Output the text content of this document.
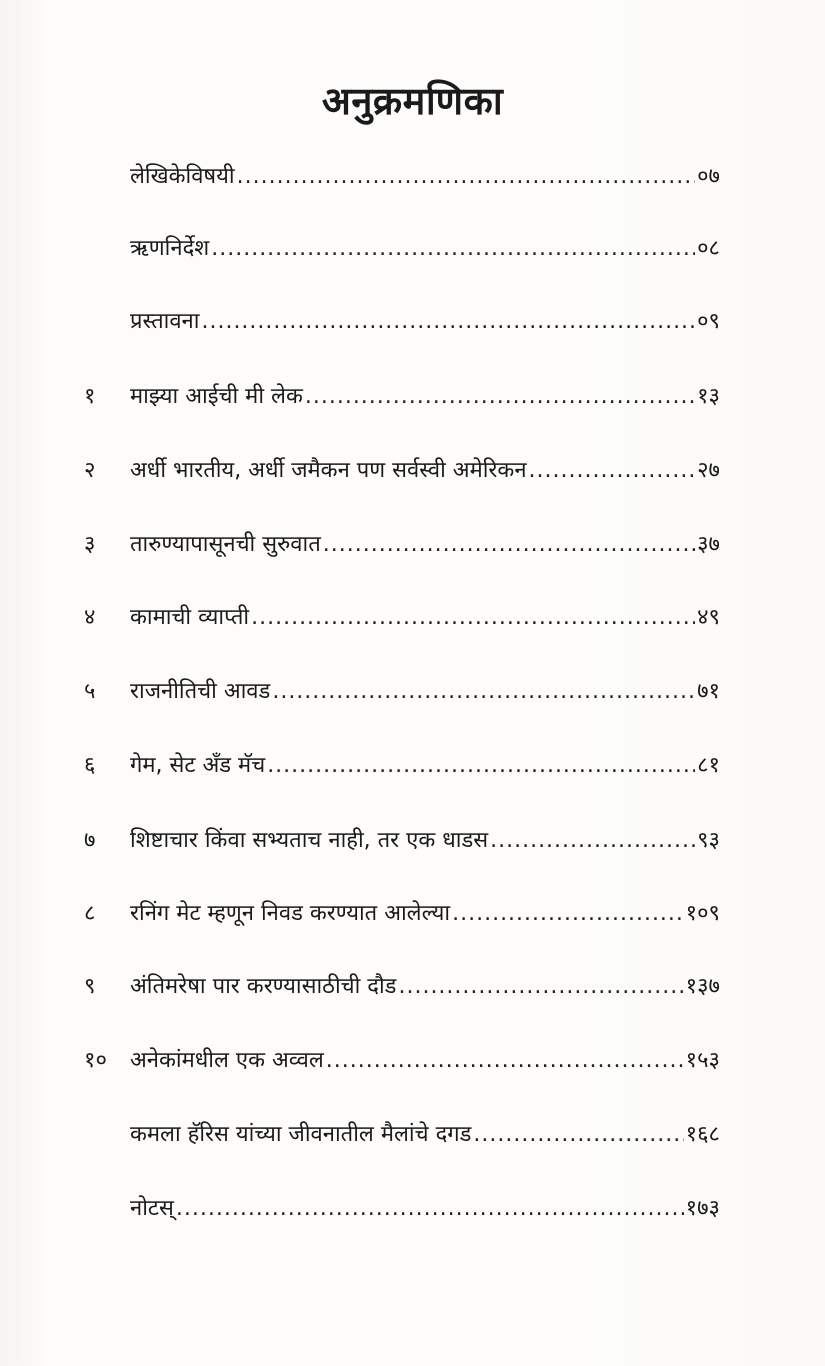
अनुक्रमणिका
लेखिकेविषयी .....	०७
ऋणनिर्देश .....	०८
प्रस्तावना .....	०९
१ माझ्या आईची मी लेक .....	१३
२ अर्धी भारतीय, अर्धी जमैकन पण सर्वस्वी अमेरिकन .....	२७
३ तारुण्यापासूनची सुरुवात .....	३७
४ कामाची व्याप्ती .....	४९
५ राजनीतिची आवड .....	७१
६ गेम, सेट अँड मॅच .....	८१
७ शिष्टाचार किंवा सभ्यताच नाही, तर एक धाडस .....	९३
८ रनिंग मेट म्हणून निवड करण्यात आलेल्या .....	१०९
९ अंतिमरेषा पार करण्यासाठीची दौड .....	१३७
१० अनेकांमधील एक अव्वल .....	१५३
कमला हॅरिस यांच्या जीवनातील मैलांचे दगड .....	१६८
नोटस् .....	१७३
